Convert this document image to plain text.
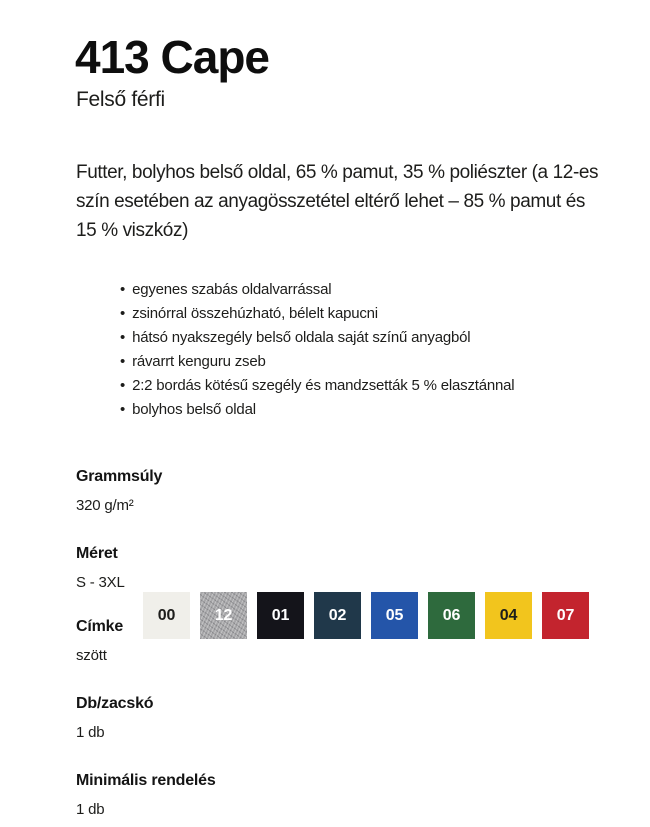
413 Cape
Felső férfi

Futter, bolyhos belső oldal, 65 % pamut, 35 % poliészter (a 12-es szín esetében az anyagösszetétel eltérő lehet – 85 % pamut és 15 % viszkóz)

• egyenes szabás oldalvarrással
• zsinórral összehúzható, bélelt kapucni
• hátsó nyakszegély belső oldala saját színű anyagból
• rávarrt kenguru zseb
• 2:2 bordás kötésű szegély és mandzsetták 5 % elasztánnal
• bolyhos belső oldal
Grammsúly
320 g/m²
Méret
S - 3XL
Címke
szött
Db/zacskó
1 db
Minimális rendelés
1 db
00 12 01 02 05 06 04 07
